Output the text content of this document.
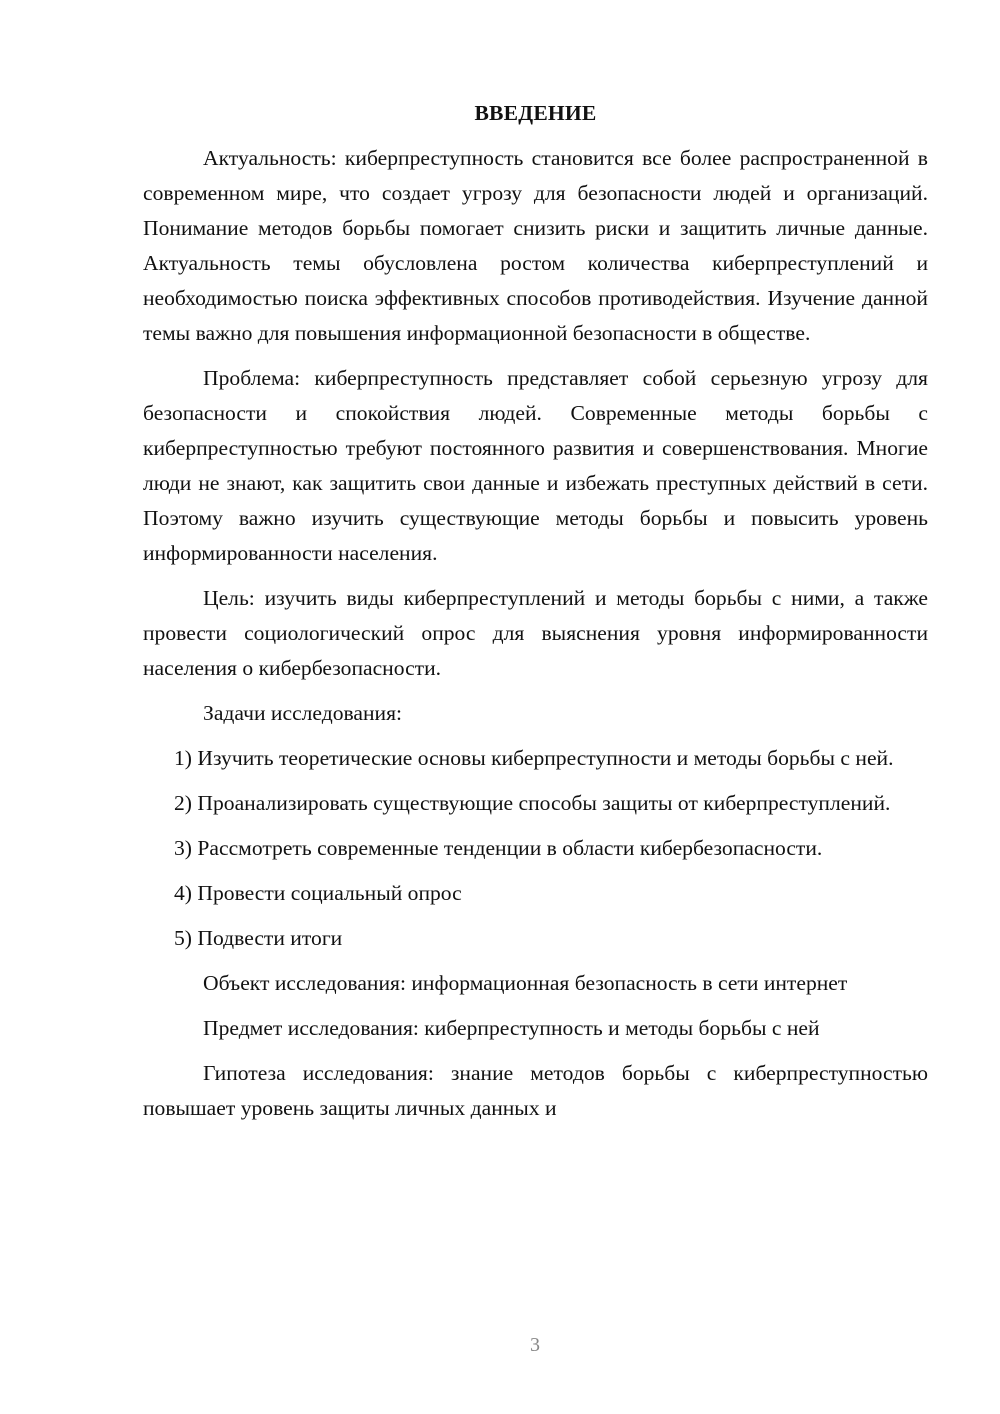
ВВЕДЕНИЕ

Актуальность: киберпреступность становится все более распространенной в современном мире, что создает угрозу для безопасности людей и организаций. Понимание методов борьбы помогает снизить риски и защитить личные данные. Актуальность темы обусловлена ростом количества киберпреступлений и необходимостью поиска эффективных способов противодействия. Изучение данной темы важно для повышения информационной безопасности в обществе.

Проблема: киберпреступность представляет собой серьезную угрозу для безопасности и спокойствия людей. Современные методы борьбы с киберпреступностью требуют постоянного развития и совершенствования. Многие люди не знают, как защитить свои данные и избежать преступных действий в сети. Поэтому важно изучить существующие методы борьбы и повысить уровень информированности населения.

Цель: изучить виды киберпреступлений и методы борьбы с ними, а также провести социологический опрос для выяснения уровня информированности населения о кибербезопасности.

Задачи исследования:

1) Изучить теоретические основы киберпреступности и методы борьбы с ней.

2) Проанализировать существующие способы защиты от киберпреступлений.

3) Рассмотреть современные тенденции в области кибербезопасности.

4) Провести социальный опрос

5) Подвести итоги

Объект исследования: информационная безопасность в сети интернет

Предмет исследования: киберпреступность и методы борьбы с ней

Гипотеза исследования: знание методов борьбы с киберпреступностью повышает уровень защиты личных данных и

3
